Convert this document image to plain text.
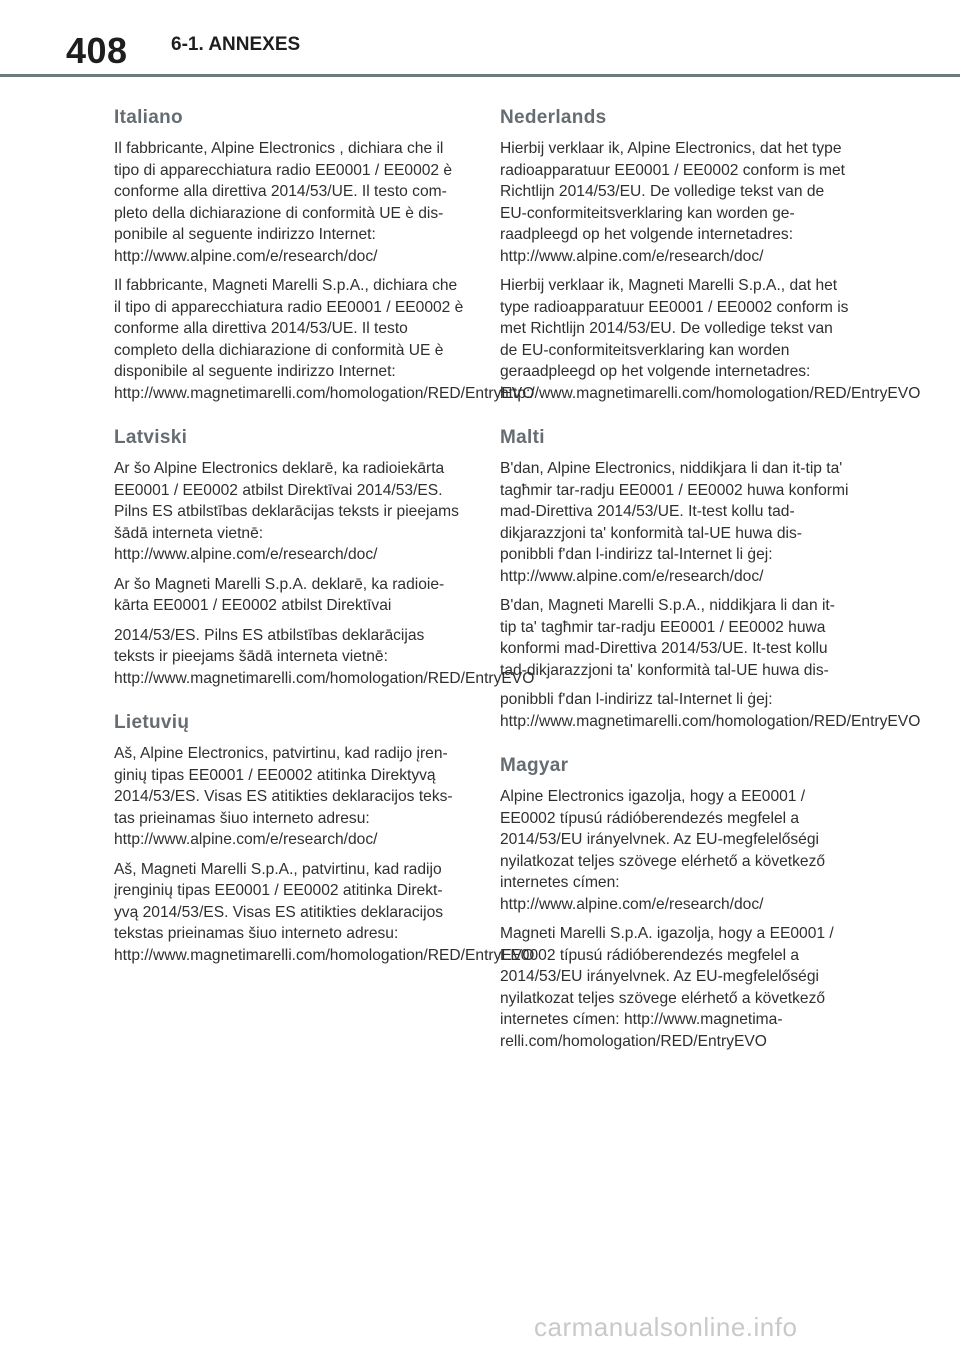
408 6-1. ANNEXES
Italiano

Il fabbricante, Alpine Electronics , dichiara che il tipo di apparecchiatura radio EE0001 / EE0002 è conforme alla direttiva 2014/53/UE. Il testo com-pleto della dichiarazione di conformità UE è dis-ponibile al seguente indirizzo Internet: http://www.alpine.com/e/research/doc/

Il fabbricante, Magneti Marelli S.p.A., dichiara che il tipo di apparecchiatura radio EE0001 / EE0002 è conforme alla direttiva 2014/53/UE. Il testo completo della dichiarazione di conformità UE è disponibile al seguente indirizzo Internet: http://www.magnetimarelli.com/homologation/RED/EntryEVO

Latviski

Ar šo Alpine Electronics deklarē, ka radioiekārta EE0001 / EE0002 atbilst Direktīvai 2014/53/ES. Pilns ES atbilstības deklarācijas teksts ir pieejams šādā interneta vietnē: http://www.alpine.com/e/research/doc/

Ar šo Magneti Marelli S.p.A. deklarē, ka radioie-kārta EE0001 / EE0002 atbilst Direktīvai

2014/53/ES. Pilns ES atbilstības deklarācijas teksts ir pieejams šādā interneta vietnē: http://www.magnetimarelli.com/homologation/RED/EntryEVO

Lietuvių

Aš, Alpine Electronics, patvirtinu, kad radijo įren-ginių tipas EE0001 / EE0002 atitinka Direktyvą 2014/53/ES. Visas ES atitikties deklaracijos teks-tas prieinamas šiuo interneto adresu: http://www.alpine.com/e/research/doc/

Aš, Magneti Marelli S.p.A., patvirtinu, kad radijo įrenginių tipas EE0001 / EE0002 atitinka Direkt-yvą 2014/53/ES. Visas ES atitikties deklaracijos tekstas prieinamas šiuo interneto adresu: http://www.magnetimarelli.com/homologation/RED/EntryEVO

Nederlands

Hierbij verklaar ik, Alpine Electronics, dat het type radioapparatuur EE0001 / EE0002 conform is met Richtlijn 2014/53/EU. De volledige tekst van de EU-conformiteitsverklaring kan worden ge-raadpleegd op het volgende internetadres: http://www.alpine.com/e/research/doc/

Hierbij verklaar ik, Magneti Marelli S.p.A., dat het type radioapparatuur EE0001 / EE0002 conform is met Richtlijn 2014/53/EU. De volledige tekst van de EU-conformiteitsverklaring kan worden geraadpleegd op het volgende internetadres: http://www.magnetimarelli.com/homologation/RED/EntryEVO

Malti

B'dan, Alpine Electronics, niddikjara li dan it-tip ta' tagħmir tar-radju EE0001 / EE0002 huwa konformi mad-Direttiva 2014/53/UE. It-test kollu tad-dikjarazzjoni ta' konformità tal-UE huwa dis-ponibbli f'dan l-indirizz tal-Internet li ġej: http://www.alpine.com/e/research/doc/

B'dan, Magneti Marelli S.p.A., niddikjara li dan it-tip ta' tagħmir tar-radju EE0001 / EE0002 huwa konformi mad-Direttiva 2014/53/UE. It-test kollu tad-dikjarazzjoni ta' konformità tal-UE huwa dis-

ponibbli f'dan l-indirizz tal-Internet li ġej: http://www.magnetimarelli.com/homologation/RED/EntryEVO

Magyar

Alpine Electronics igazolja, hogy a EE0001 / EE0002 típusú rádióberendezés megfelel a 2014/53/EU irányelvnek. Az EU-megfelelőségi nyilatkozat teljes szövege elérhető a következő internetes címen: http://www.alpine.com/e/research/doc/

Magneti Marelli S.p.A. igazolja, hogy a EE0001 / EE0002 típusú rádióberendezés megfelel a 2014/53/EU irányelvnek. Az EU-megfelelőségi nyilatkozat teljes szövege elérhető a következő internetes címen: http://www.magnetima-relli.com/homologation/RED/EntryEVO

carmanualsonline.info
